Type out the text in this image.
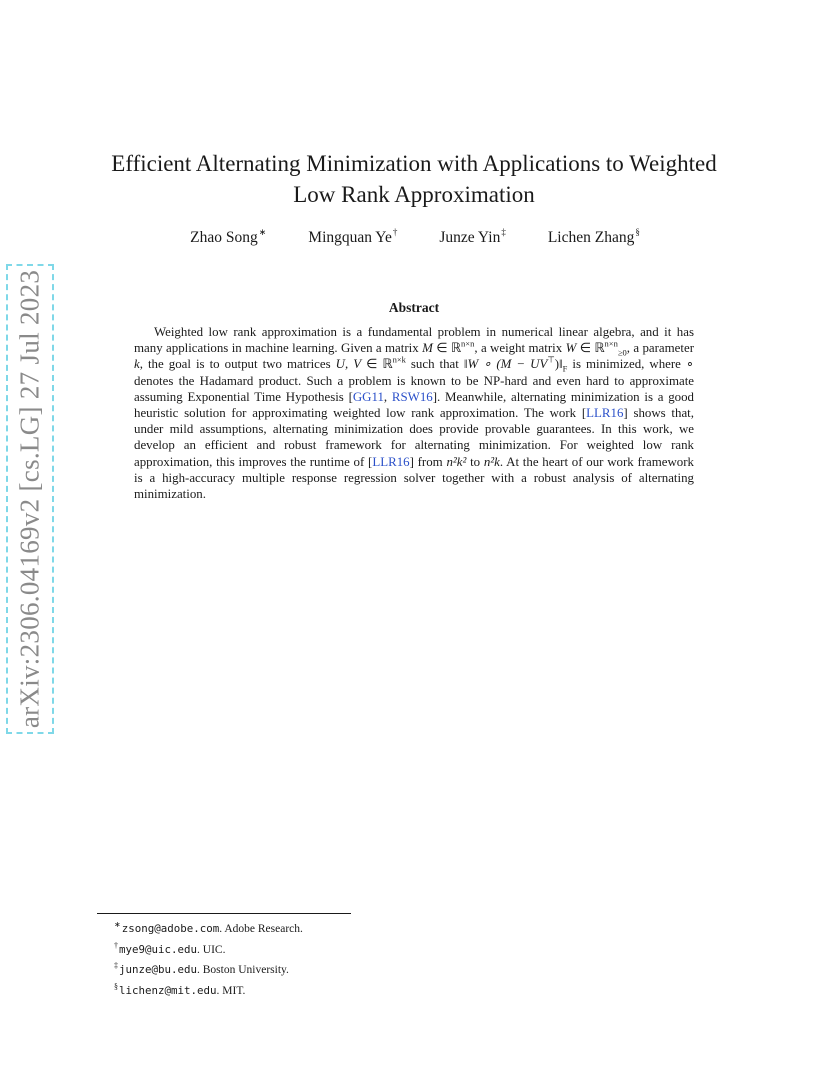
arXiv:2306.04169v2 [cs.LG] 27 Jul 2023
Efficient Alternating Minimization with Applications to Weighted
Low Rank Approximation
Zhao Song∗	Mingquan Ye†	Junze Yin‡	Lichen Zhang§
Abstract

Weighted low rank approximation is a fundamental problem in numerical linear algebra, and it has many applications in machine learning. Given a matrix M ∈ ℝ$^{n\times n}$, a weight matrix W ∈ ℝ$^{n\times n}_{\ge 0}$, a parameter k, the goal is to output two matrices U, V ∈ ℝ$^{n\times k}$ such that ‖W ∘ $(M - UV^⊤)‖_F$ is minimized, where ∘ denotes the Hadamard product. Such a problem is known to be NP-hard and even hard to approximate assuming Exponential Time Hypothesis [GG11, RSW16]. Meanwhile, alternating minimization is a good heuristic solution for approximating weighted low rank approximation. The work [LLR16] shows that, under mild assumptions, alternating minimization does provide provable guarantees. In this work, we develop an efficient and robust framework for alternating minimization. For weighted low rank approximation, this improves the runtime of [LLR16] from n²k² to n²k. At the heart of our work framework is a high-accuracy multiple response regression solver together with a robust analysis of alternating minimization.

∗zsong@adobe.com. Adobe Research.
†mye9@uic.edu. UIC.
‡junze@bu.edu. Boston University.
§lichenz@mit.edu. MIT.
